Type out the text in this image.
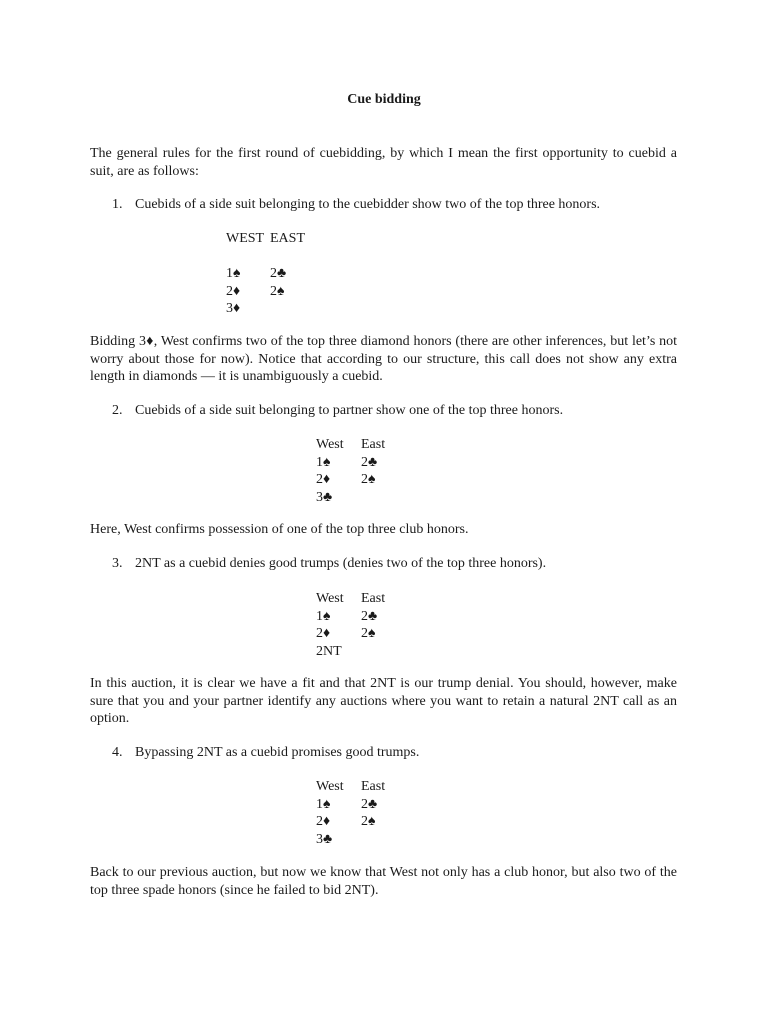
Cue bidding
The general rules for the first round of cuebidding, by which I mean the first opportunity to cuebid a suit, are as follows:
1. Cuebids of a side suit belonging to the cuebidder show two of the top three honors.
WEST	EAST

1♠	2♣
2♦	2♠
3♦	
Bidding 3♦, West confirms two of the top three diamond honors (there are other inferences, but let’s not worry about those for now). Notice that according to our structure, this call does not show any extra length in diamonds — it is unambiguously a cuebid.
2. Cuebids of a side suit belonging to partner show one of the top three honors.
West	East
1♠	2♣
2♦	2♠
3♣	
Here, West confirms possession of one of the top three club honors.
3. 2NT as a cuebid denies good trumps (denies two of the top three honors).
West	East
1♠	2♣
2♦	2♠
2NT	
In this auction, it is clear we have a fit and that 2NT is our trump denial. You should, however, make sure that you and your partner identify any auctions where you want to retain a natural 2NT call as an option.
4. Bypassing 2NT as a cuebid promises good trumps.
West	East
1♠	2♣
2♦	2♠
3♣	
Back to our previous auction, but now we know that West not only has a club honor, but also two of the top three spade honors (since he failed to bid 2NT).
